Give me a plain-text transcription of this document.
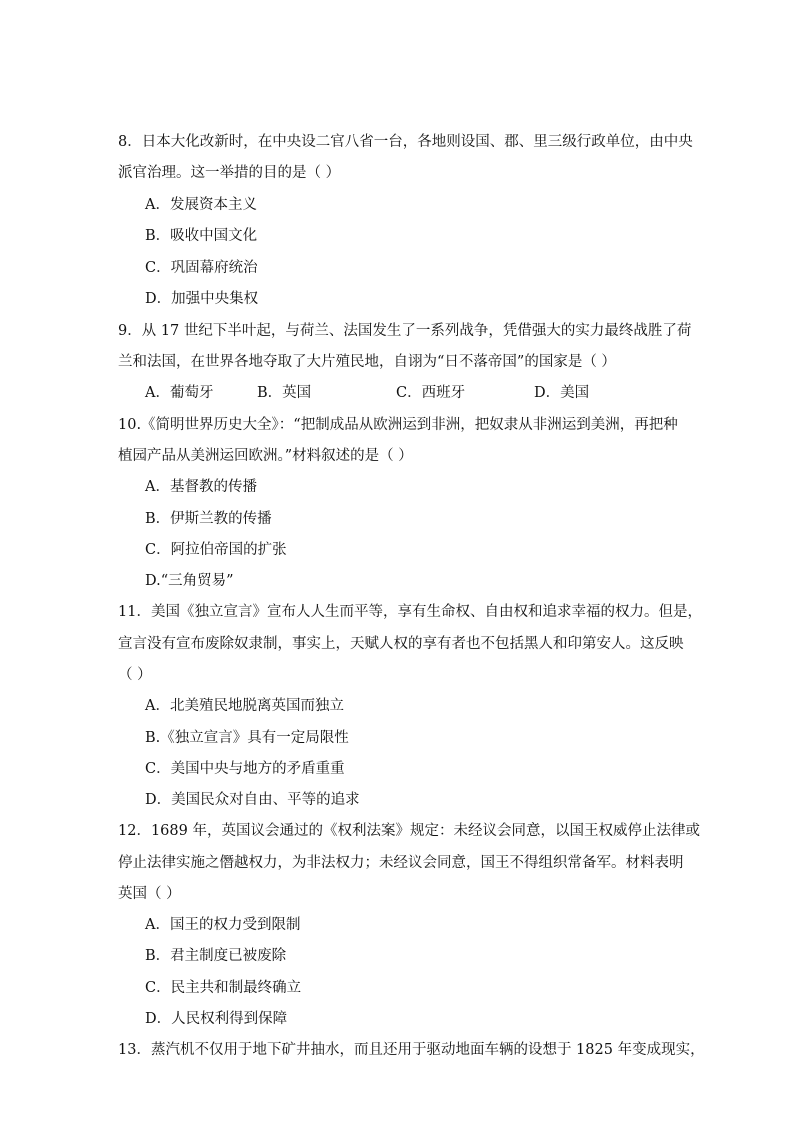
8．日本大化改新时，在中央设二官八省一台，各地则设国、郡、里三级行政单位，由中央
派官治理。这一举措的目的是（ ）
A．发展资本主义
B．吸收中国文化
C．巩固幕府统治
D．加强中央集权
9．从 17 世纪下半叶起，与荷兰、法国发生了一系列战争，凭借强大的实力最终战胜了荷
兰和法国，在世界各地夺取了大片殖民地，自诩为“日不落帝国”的国家是（ ）
A．葡萄牙	B．英国	C．西班牙	D．美国
10.《简明世界历史大全》：“把制成品从欧洲运到非洲，把奴隶从非洲运到美洲，再把种
植园产品从美洲运回欧洲。”材料叙述的是（ ）
A．基督教的传播
B．伊斯兰教的传播
C．阿拉伯帝国的扩张
D.“三角贸易”
11．美国《独立宣言》宣布人人生而平等，享有生命权、自由权和追求幸福的权力。但是，
宣言没有宣布废除奴隶制，事实上，天赋人权的享有者也不包括黑人和印第安人。这反映
（ ）
A．北美殖民地脱离英国而独立
B.《独立宣言》具有一定局限性
C．美国中央与地方的矛盾重重
D．美国民众对自由、平等的追求
12．1689 年，英国议会通过的《权利法案》规定：未经议会同意，以国王权威停止法律或
停止法律实施之僭越权力，为非法权力；未经议会同意，国王不得组织常备军。材料表明
英国（ ）
A．国王的权力受到限制
B．君主制度已被废除
C．民主共和制最终确立
D．人民权利得到保障
13．蒸汽机不仅用于地下矿井抽水，而且还用于驱动地面车辆的设想于 1825 年变成现实，
